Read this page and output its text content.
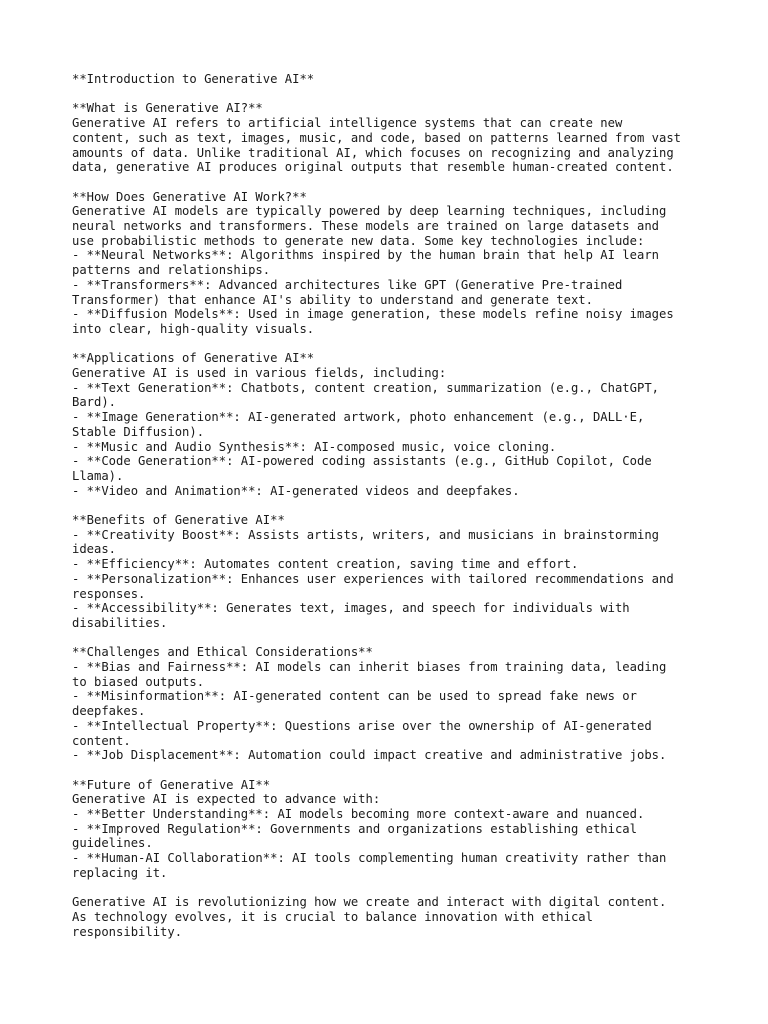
**Introduction to Generative AI**
**What is Generative AI?**
Generative AI refers to artificial intelligence systems that can create new
content, such as text, images, music, and code, based on patterns learned from vast
amounts of data. Unlike traditional AI, which focuses on recognizing and analyzing
data, generative AI produces original outputs that resemble human-created content.
**How Does Generative AI Work?**
Generative AI models are typically powered by deep learning techniques, including
neural networks and transformers. These models are trained on large datasets and
use probabilistic methods to generate new data. Some key technologies include:
- **Neural Networks**: Algorithms inspired by the human brain that help AI learn
patterns and relationships.
- **Transformers**: Advanced architectures like GPT (Generative Pre-trained
Transformer) that enhance AI's ability to understand and generate text.
- **Diffusion Models**: Used in image generation, these models refine noisy images
into clear, high-quality visuals.
**Applications of Generative AI**
Generative AI is used in various fields, including:
- **Text Generation**: Chatbots, content creation, summarization (e.g., ChatGPT,
Bard).
- **Image Generation**: AI-generated artwork, photo enhancement (e.g., DALL·E,
Stable Diffusion).
- **Music and Audio Synthesis**: AI-composed music, voice cloning.
- **Code Generation**: AI-powered coding assistants (e.g., GitHub Copilot, Code
Llama).
- **Video and Animation**: AI-generated videos and deepfakes.
**Benefits of Generative AI**
- **Creativity Boost**: Assists artists, writers, and musicians in brainstorming
ideas.
- **Efficiency**: Automates content creation, saving time and effort.
- **Personalization**: Enhances user experiences with tailored recommendations and
responses.
- **Accessibility**: Generates text, images, and speech for individuals with
disabilities.
**Challenges and Ethical Considerations**
- **Bias and Fairness**: AI models can inherit biases from training data, leading
to biased outputs.
- **Misinformation**: AI-generated content can be used to spread fake news or
deepfakes.
- **Intellectual Property**: Questions arise over the ownership of AI-generated
content.
- **Job Displacement**: Automation could impact creative and administrative jobs.
**Future of Generative AI**
Generative AI is expected to advance with:
- **Better Understanding**: AI models becoming more context-aware and nuanced.
- **Improved Regulation**: Governments and organizations establishing ethical
guidelines.
- **Human-AI Collaboration**: AI tools complementing human creativity rather than
replacing it.
Generative AI is revolutionizing how we create and interact with digital content.
As technology evolves, it is crucial to balance innovation with ethical
responsibility.
